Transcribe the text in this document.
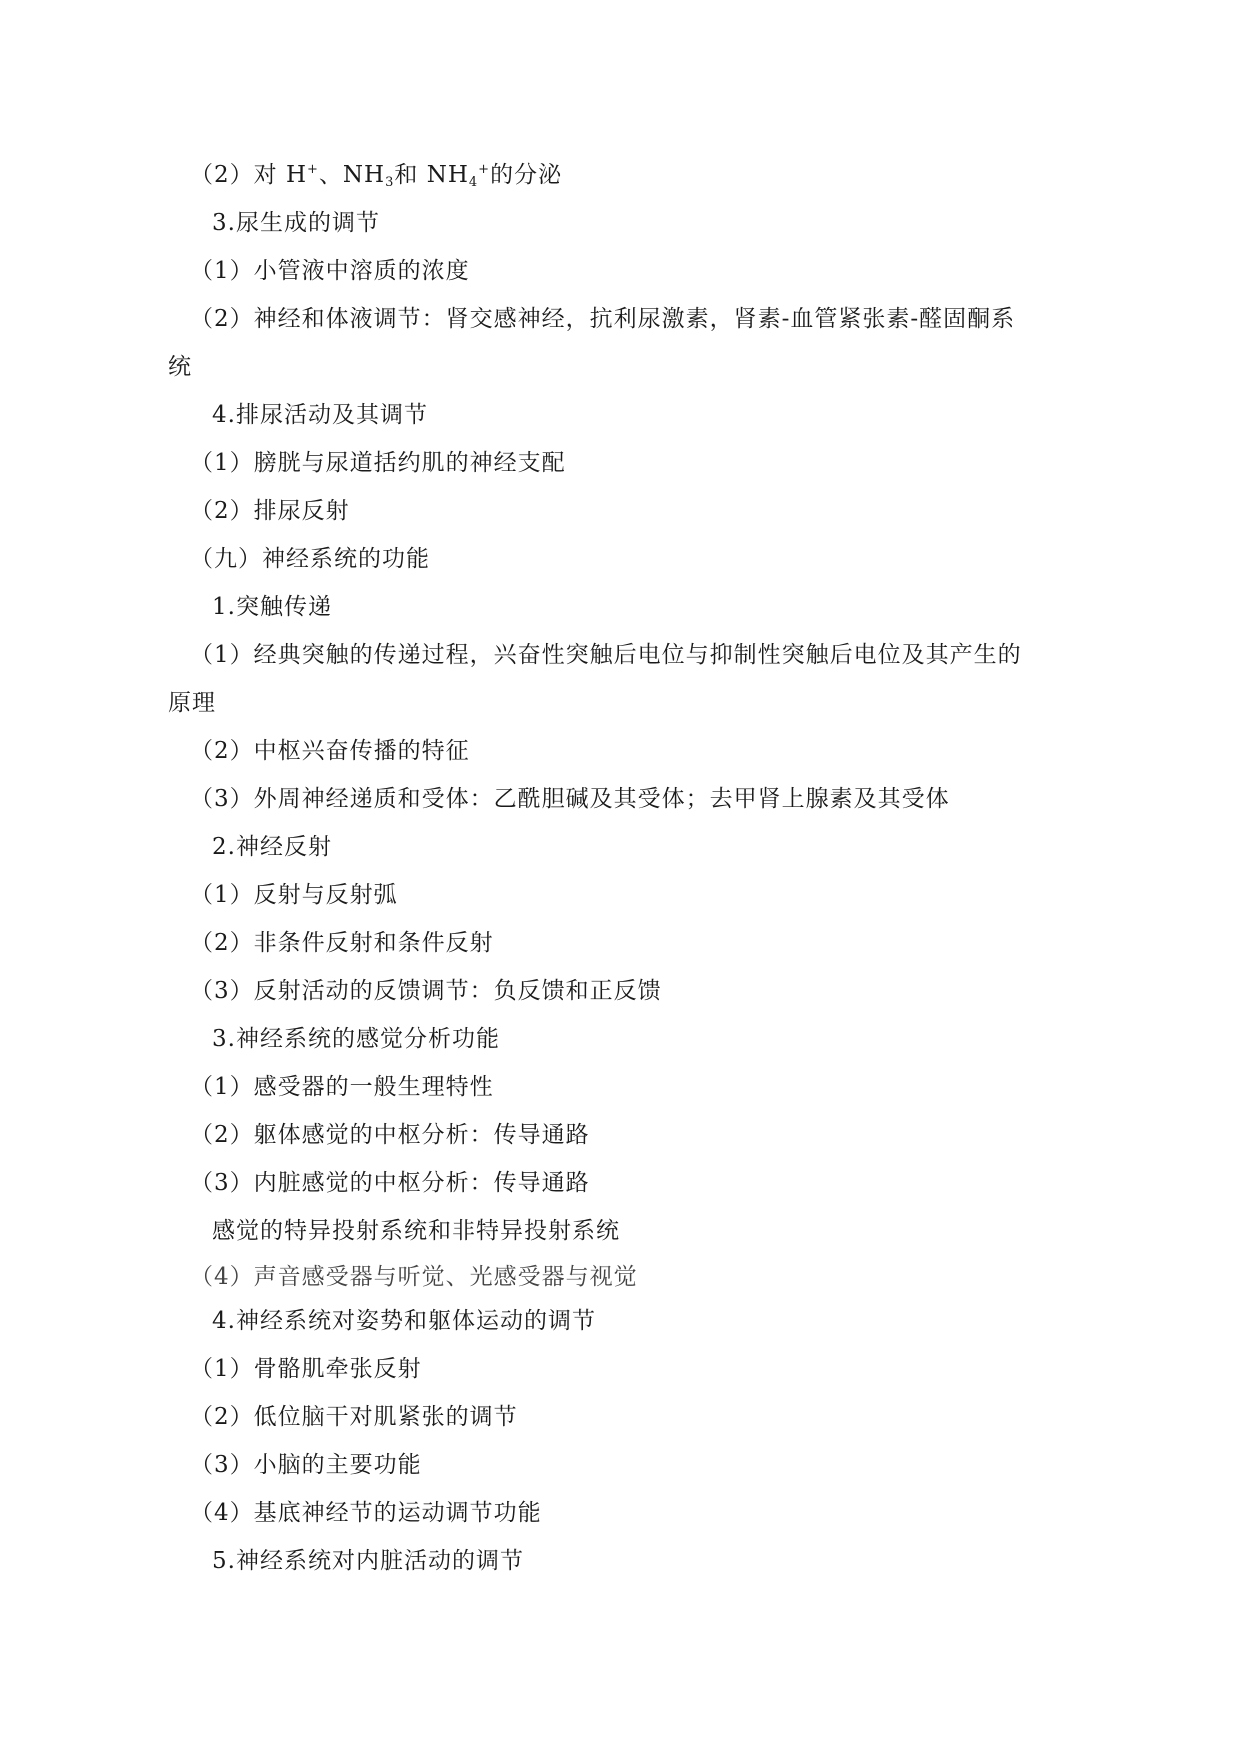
（2）对 H+、$NH_3$和 $NH_4^+$的分泌
3.尿生成的调节
（1）小管液中溶质的浓度
（2）神经和体液调节：肾交感神经，抗利尿激素，肾素-血管紧张素-醛固酮系
统
4.排尿活动及其调节
（1）膀胱与尿道括约肌的神经支配
（2）排尿反射
（九）神经系统的功能
1.突触传递
（1）经典突触的传递过程，兴奋性突触后电位与抑制性突触后电位及其产生的
原理
（2）中枢兴奋传播的特征
（3）外周神经递质和受体：乙酰胆碱及其受体；去甲肾上腺素及其受体
2.神经反射
（1）反射与反射弧
（2）非条件反射和条件反射
（3）反射活动的反馈调节：负反馈和正反馈
3.神经系统的感觉分析功能
（1）感受器的一般生理特性
（2）躯体感觉的中枢分析：传导通路
（3）内脏感觉的中枢分析：传导通路
感觉的特异投射系统和非特异投射系统
（4）声音感受器与听觉、光感受器与视觉
4.神经系统对姿势和躯体运动的调节
（1）骨骼肌牵张反射
（2）低位脑干对肌紧张的调节
（3）小脑的主要功能
（4）基底神经节的运动调节功能
5.神经系统对内脏活动的调节
